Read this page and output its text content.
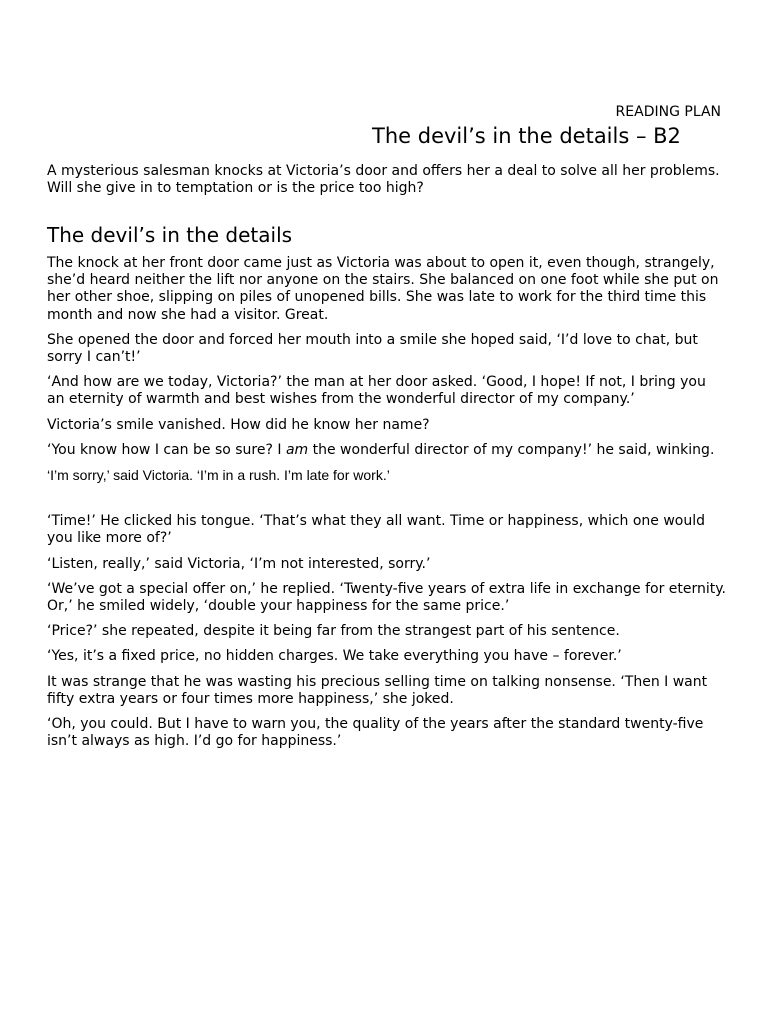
READING PLAN
The devil’s in the details – B2

A mysterious salesman knocks at Victoria’s door and offers her a deal to solve all her problems. Will she give in to temptation or is the price too high?

The devil’s in the details

The knock at her front door came just as Victoria was about to open it, even though, strangely, she’d heard neither the lift nor anyone on the stairs. She balanced on one foot while she put on her other shoe, slipping on piles of unopened bills. She was late to work for the third time this month and now she had a visitor. Great.

She opened the door and forced her mouth into a smile she hoped said, ‘I’d love to chat, but sorry I can’t!’

‘And how are we today, Victoria?’ the man at her door asked. ‘Good, I hope! If not, I bring you an eternity of warmth and best wishes from the wonderful director of my company.’

Victoria’s smile vanished. How did he know her name?

‘You know how I can be so sure? I am the wonderful director of my company!’ he said, winking.

‘I’m sorry,’ said Victoria. ‘I’m in a rush. I’m late for work.’

‘Time!’ He clicked his tongue. ‘That’s what they all want. Time or happiness, which one would you like more of?’

‘Listen, really,’ said Victoria, ‘I’m not interested, sorry.’

‘We’ve got a special offer on,’ he replied. ‘Twenty-five years of extra life in exchange for eternity. Or,’ he smiled widely, ‘double your happiness for the same price.’

‘Price?’ she repeated, despite it being far from the strangest part of his sentence.

‘Yes, it’s a fixed price, no hidden charges. We take everything you have – forever.’

It was strange that he was wasting his precious selling time on talking nonsense. ‘Then I want fifty extra years or four times more happiness,’ she joked.

‘Oh, you could. But I have to warn you, the quality of the years after the standard twenty-five isn’t always as high. I’d go for happiness.’
